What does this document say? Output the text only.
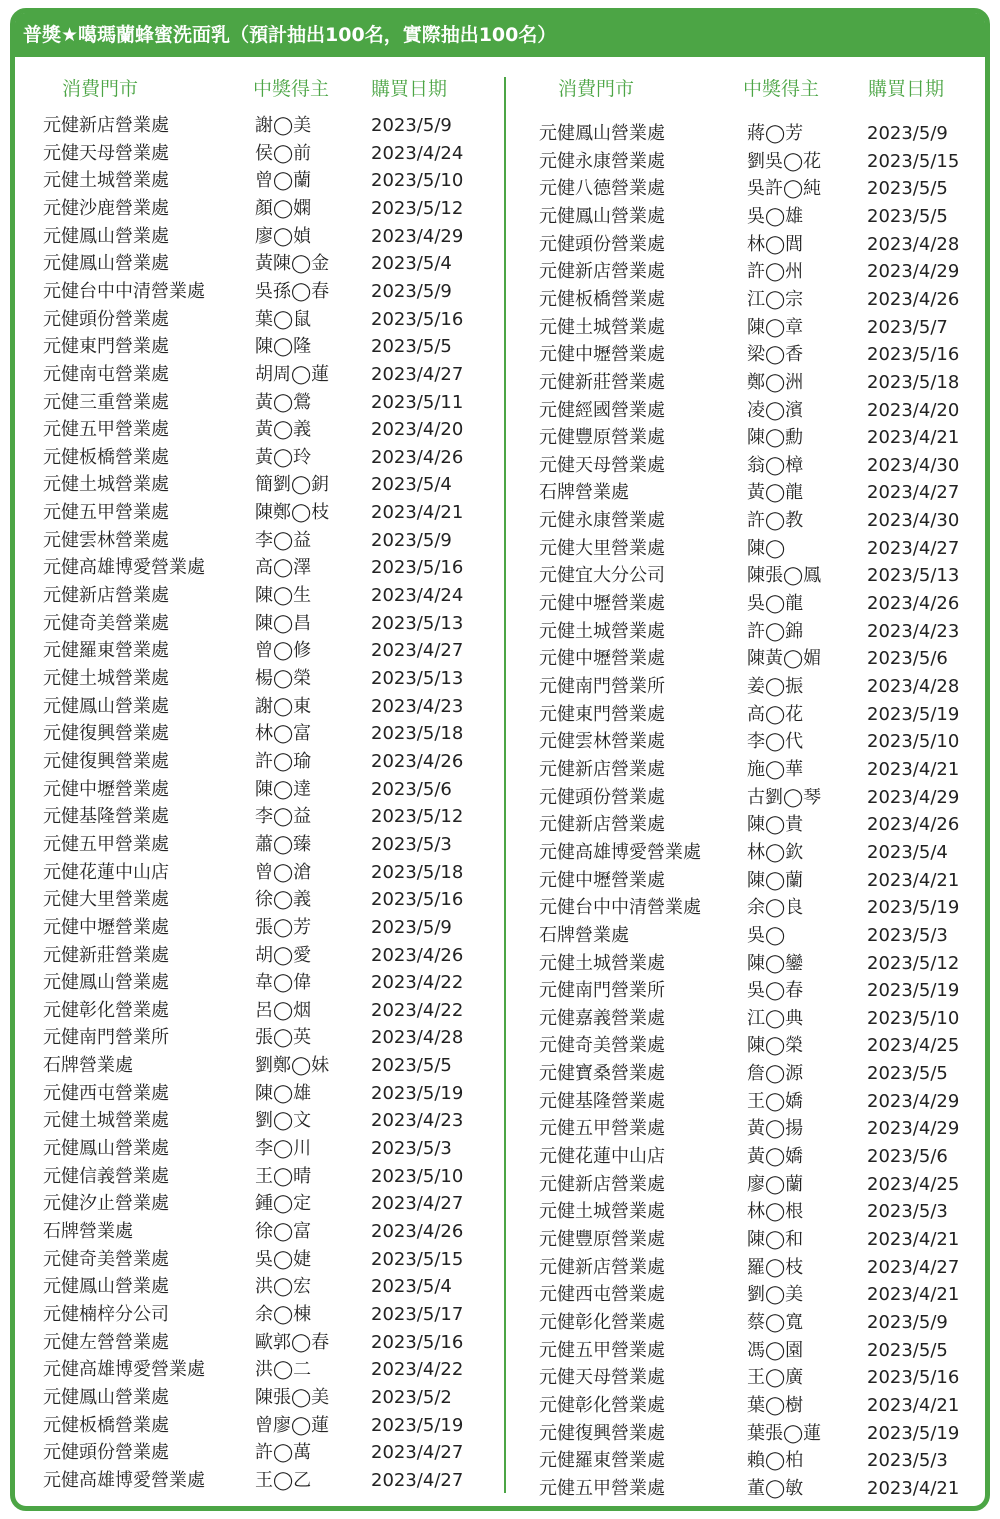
普獎★噶瑪蘭蜂蜜洗面乳（預計抽出100名，實際抽出100名）
消費門市	中獎得主 購買日期	消費門市	中獎得主	購買日期
元健新店營業處	謝◯美	2023/5/9
元健天母營業處	侯◯前	2023/4/24
元健土城營業處	曾◯蘭	2023/5/10
元健沙鹿營業處	顏◯嫻	2023/5/12
元健鳳山營業處	廖◯媜	2023/4/29
元健鳳山營業處	黃陳◯金 2023/5/4
元健台中中清營業處	吳孫◯春 2023/5/9
元健頭份營業處	葉◯鼠	2023/5/16
元健東門營業處	陳◯隆	2023/5/5
元健南屯營業處	胡周◯蓮 2023/4/27
元健三重營業處	黃◯鶯	2023/5/11
元健五甲營業處	黃◯義	2023/4/20
元健板橋營業處	黃◯玲	2023/4/26
元健土城營業處	簡劉◯鈅 2023/5/4
元健五甲營業處	陳鄭◯枝 2023/4/21
元健雲林營業處	李◯益	2023/5/9
元健高雄博愛營業處	高◯澤	2023/5/16
元健新店營業處	陳◯生	2023/4/24
元健奇美營業處	陳◯昌	2023/5/13
元健羅東營業處	曾◯修	2023/4/27
元健土城營業處	楊◯榮	2023/5/13
元健鳳山營業處	謝◯東	2023/4/23
元健復興營業處	林◯富	2023/5/18
元健復興營業處	許◯瑜	2023/4/26
元健中壢營業處	陳◯達	2023/5/6
元健基隆營業處	李◯益	2023/5/12
元健五甲營業處	蕭◯臻	2023/5/3
元健花蓮中山店	曾◯滄	2023/5/18
元健大里營業處	徐◯義	2023/5/16
元健中壢營業處	張◯芳	2023/5/9
元健新莊營業處	胡◯愛	2023/4/26
元健鳳山營業處	韋◯偉	2023/4/22
元健彰化營業處	呂◯烟	2023/4/22
元健南門營業所	張◯英	2023/4/28
石牌營業處	劉鄭◯妹 2023/5/5
元健西屯營業處	陳◯雄	2023/5/19
元健土城營業處	劉◯文	2023/4/23
元健鳳山營業處	李◯川	2023/5/3
元健信義營業處	王◯晴	2023/5/10
元健汐止營業處	鍾◯定	2023/4/27
石牌營業處	徐◯富	2023/4/26
元健奇美營業處	吳◯婕	2023/5/15
元健鳳山營業處	洪◯宏	2023/5/4
元健楠梓分公司	余◯棟	2023/5/17
元健左營營業處	歐郭◯春 2023/5/16
元健高雄博愛營業處	洪◯二	2023/4/22
元健鳳山營業處	陳張◯美 2023/5/2
元健板橋營業處	曾廖◯蓮 2023/5/19
元健頭份營業處	許◯萬	2023/4/27
元健高雄博愛營業處	王◯乙	2023/4/27
元健鳳山營業處	蔣◯芳	2023/5/9
元健永康營業處	劉吳◯花	2023/5/15
元健八德營業處	吳許◯純	2023/5/5
元健鳳山營業處	吳◯雄	2023/5/5
元健頭份營業處	林◯閭	2023/4/28
元健新店營業處	許◯州	2023/4/29
元健板橋營業處	江◯宗	2023/4/26
元健土城營業處	陳◯章	2023/5/7
元健中壢營業處	梁◯香	2023/5/16
元健新莊營業處	鄭◯洲	2023/5/18
元健經國營業處	凌◯濱	2023/4/20
元健豐原營業處	陳◯勳	2023/4/21
元健天母營業處	翁◯樟	2023/4/30
石牌營業處	黃◯龍	2023/4/27
元健永康營業處	許◯教	2023/4/30
元健大里營業處	陳◯	2023/4/27
元健宜大分公司	陳張◯鳳	2023/5/13
元健中壢營業處	吳◯龍	2023/4/26
元健土城營業處	許◯錦	2023/4/23
元健中壢營業處	陳黃◯媚	2023/5/6
元健南門營業所	姜◯振	2023/4/28
元健東門營業處	高◯花	2023/5/19
元健雲林營業處	李◯代	2023/5/10
元健新店營業處	施◯華	2023/4/21
元健頭份營業處	古劉◯琴	2023/4/29
元健新店營業處	陳◯貴	2023/4/26
元健高雄博愛營業處	林◯欽	2023/5/4
元健中壢營業處	陳◯蘭	2023/4/21
元健台中中清營業處	余◯良	2023/5/19
石牌營業處	吳◯	2023/5/3
元健土城營業處	陳◯鑾	2023/5/12
元健南門營業所	吳◯春	2023/5/19
元健嘉義營業處	江◯典	2023/5/10
元健奇美營業處	陳◯榮	2023/4/25
元健寶桑營業處	詹◯源	2023/5/5
元健基隆營業處	王◯嬌	2023/4/29
元健五甲營業處	黃◯揚	2023/4/29
元健花蓮中山店	黃◯嬌	2023/5/6
元健新店營業處	廖◯蘭	2023/4/25
元健土城營業處	林◯根	2023/5/3
元健豐原營業處	陳◯和	2023/4/21
元健新店營業處	羅◯枝	2023/4/27
元健西屯營業處	劉◯美	2023/4/21
元健彰化營業處	蔡◯寬	2023/5/9
元健五甲營業處	馮◯園	2023/5/5
元健天母營業處	王◯廣	2023/5/16
元健彰化營業處	葉◯樹	2023/4/21
元健復興營業處	葉張◯蓮	2023/5/19
元健羅東營業處	賴◯柏	2023/5/3
元健五甲營業處	董◯敏	2023/4/21
